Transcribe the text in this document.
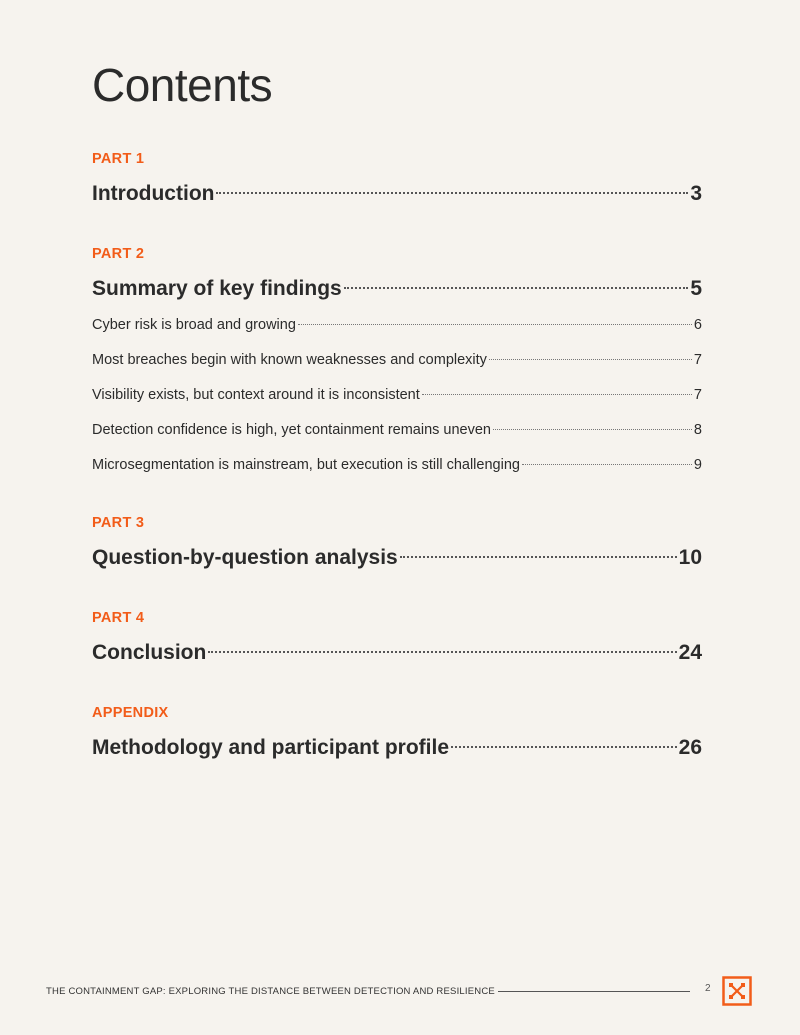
Contents
PART 1
Introduction	3
PART 2
Summary of key findings	5
Cyber risk is broad and growing	6
Most breaches begin with known weaknesses and complexity	7
Visibility exists, but context around it is inconsistent	7
Detection confidence is high, yet containment remains uneven	8
Microsegmentation is mainstream, but execution is still challenging	9
PART 3
Question-by-question analysis	10
PART 4
Conclusion	24
APPENDIX
Methodology and participant profile	26
THE CONTAINMENT GAP: EXPLORING THE DISTANCE BETWEEN DETECTION AND RESILIENCE	2
